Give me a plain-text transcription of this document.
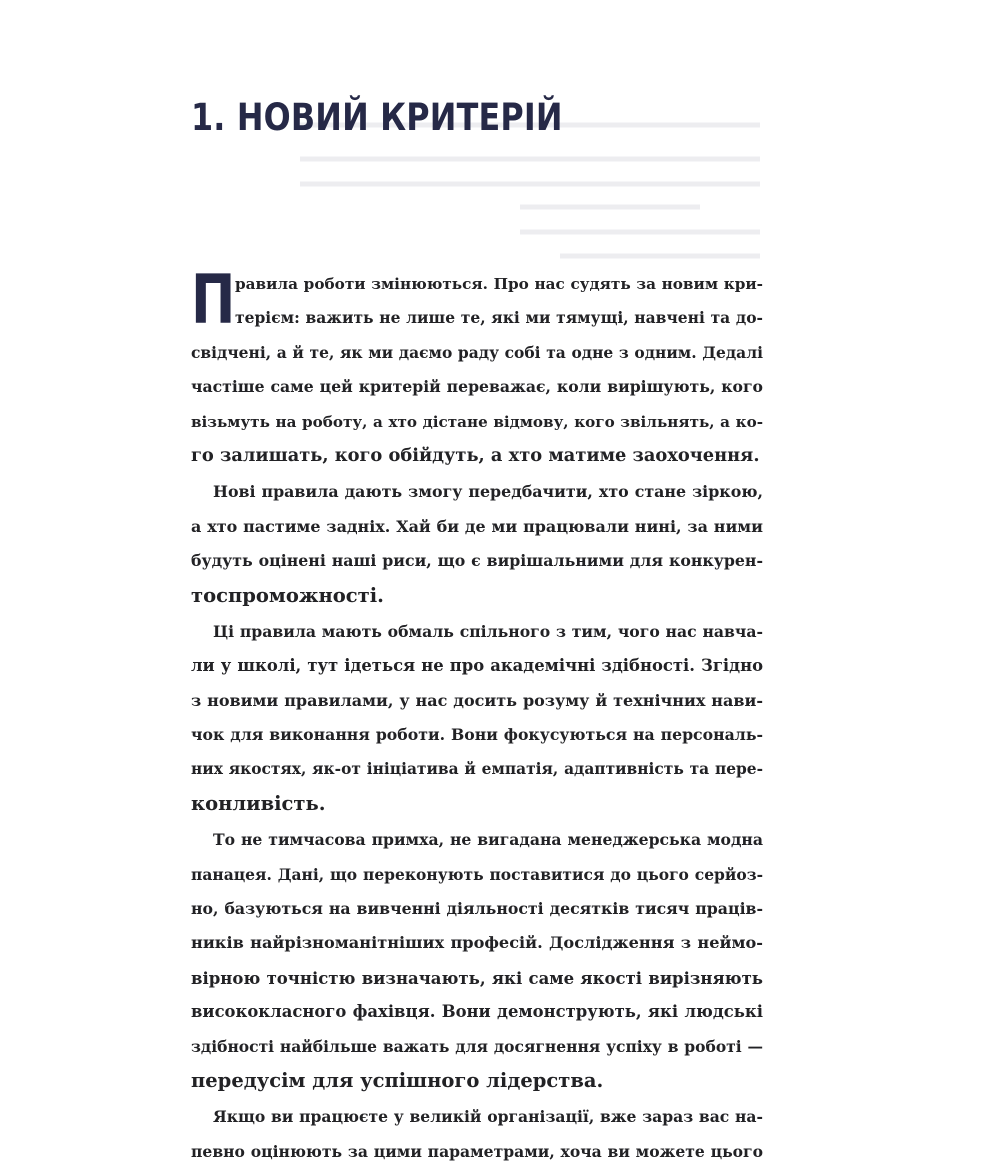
1. НОВИЙ КРИТЕРІЙ
П равила роботи змінюються. Про нас судять за новим кри-
терієм: важить не лише те, які ми тямущі, навчені та до-
свідчені, а й те, як ми даємо раду собі та одне з одним. Дедалі
частіше саме цей критерій переважає, коли вирішують, кого
візьмуть на роботу, а хто дістане відмову, кого звільнять, а ко-
го залишать, кого обійдуть, а хто матиме заохочення.
Нові правила дають змогу передбачити, хто стане зіркою,
а хто пастиме задніх. Хай би де ми працювали нині, за ними
будуть оцінені наші риси, що є вирішальними для конкурен-
тоспроможності.
Ці правила мають обмаль спільного з тим, чого нас навча-
ли у школі, тут ідеться не про академічні здібності. Згідно
з новими правилами, у нас досить розуму й технічних нави-
чок для виконання роботи. Вони фокусуються на персональ-
них якостях, як-от ініціатива й емпатія, адаптивність та пере-
конливість.
То не тимчасова примха, не вигадана менеджерська модна
панацея. Дані, що переконують поставитися до цього серйоз-
но, базуються на вивченні діяльності десятків тисяч праців-
ників найрізноманітніших професій. Дослідження з неймо-
вірною точністю визначають, які саме якості вирізняють
висококласного фахівця. Вони демонструють, які людські
здібності найбільше важать для досягнення успіху в роботі —
передусім для успішного лідерства.
Якщо ви працюєте у великій організації, вже зараз вас на-
певно оцінюють за цими параметрами, хоча ви можете цього
